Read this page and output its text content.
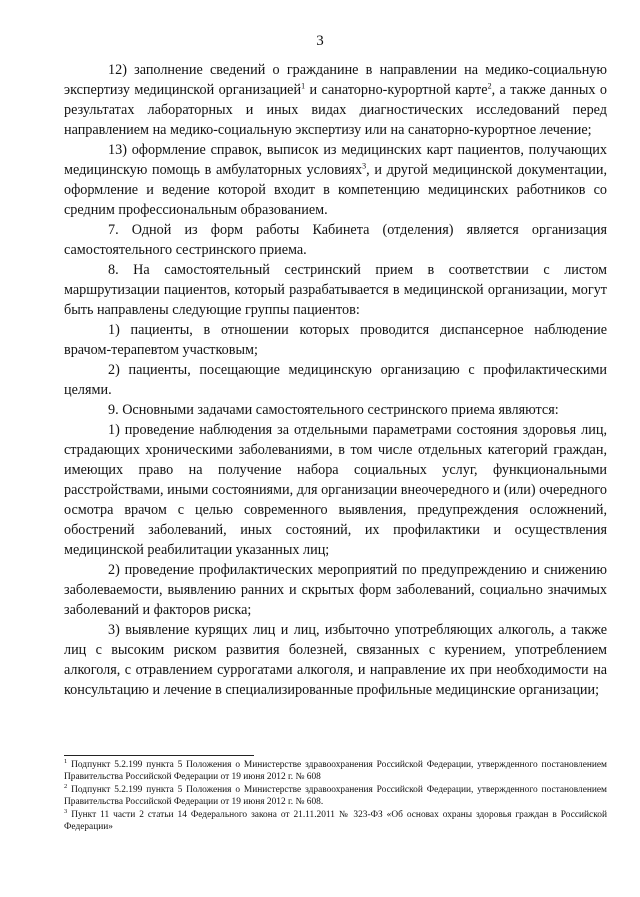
3

12) заполнение сведений о гражданине в направлении на медико-социальную экспертизу медицинской организацией$^1$ и санаторно-курортной карте$^2$, а также данных о результатах лабораторных и иных видах диагностических исследований перед направлением на медико-социальную экспертизу или на санаторно-курортное лечение;

13) оформление справок, выписок из медицинских карт пациентов, получающих медицинскую помощь в амбулаторных условиях$^3$, и другой медицинской документации, оформление и ведение которой входит в компетенцию медицинских работников со средним профессиональным образованием.

7. Одной из форм работы Кабинета (отделения) является организация самостоятельного сестринского приема.

8. На самостоятельный сестринский прием в соответствии с листом маршрутизации пациентов, который разрабатывается в медицинской организации, могут быть направлены следующие группы пациентов:

1) пациенты, в отношении которых проводится диспансерное наблюдение врачом-терапевтом участковым;

2) пациенты, посещающие медицинскую организацию с профилактическими целями.

9. Основными задачами самостоятельного сестринского приема являются:

1) проведение наблюдения за отдельными параметрами состояния здоровья лиц, страдающих хроническими заболеваниями, в том числе отдельных категорий граждан, имеющих право на получение набора социальных услуг, функциональными расстройствами, иными состояниями, для организации внеочередного и (или) очередного осмотра врачом с целью современного выявления, предупреждения осложнений, обострений заболеваний, иных состояний, их профилактики и осуществления медицинской реабилитации указанных лиц;

2) проведение профилактических мероприятий по предупреждению и снижению заболеваемости, выявлению ранних и скрытых форм заболеваний, социально значимых заболеваний и факторов риска;

3) выявление курящих лиц и лиц, избыточно употребляющих алкоголь, а также лиц с высоким риском развития болезней, связанных с курением, употреблением алкоголя, с отравлением суррогатами алкоголя, и направление их при необходимости на консультацию и лечение в специализированные профильные медицинские организации;

$^1$ Подпункт 5.2.199 пункта 5 Положения о Министерстве здравоохранения Российской Федерации, утвержденного постановлением Правительства Российской Федерации от 19 июня 2012 г. № 608

$^2$ Подпункт 5.2.199 пункта 5 Положения о Министерстве здравоохранения Российской Федерации, утвержденного постановлением Правительства Российской Федерации от 19 июня 2012 г. № 608.

$^3$ Пункт 11 части 2 статьи 14 Федерального закона от 21.11.2011 № 323-ФЗ «Об основах охраны здоровья граждан в Российской Федерации»
